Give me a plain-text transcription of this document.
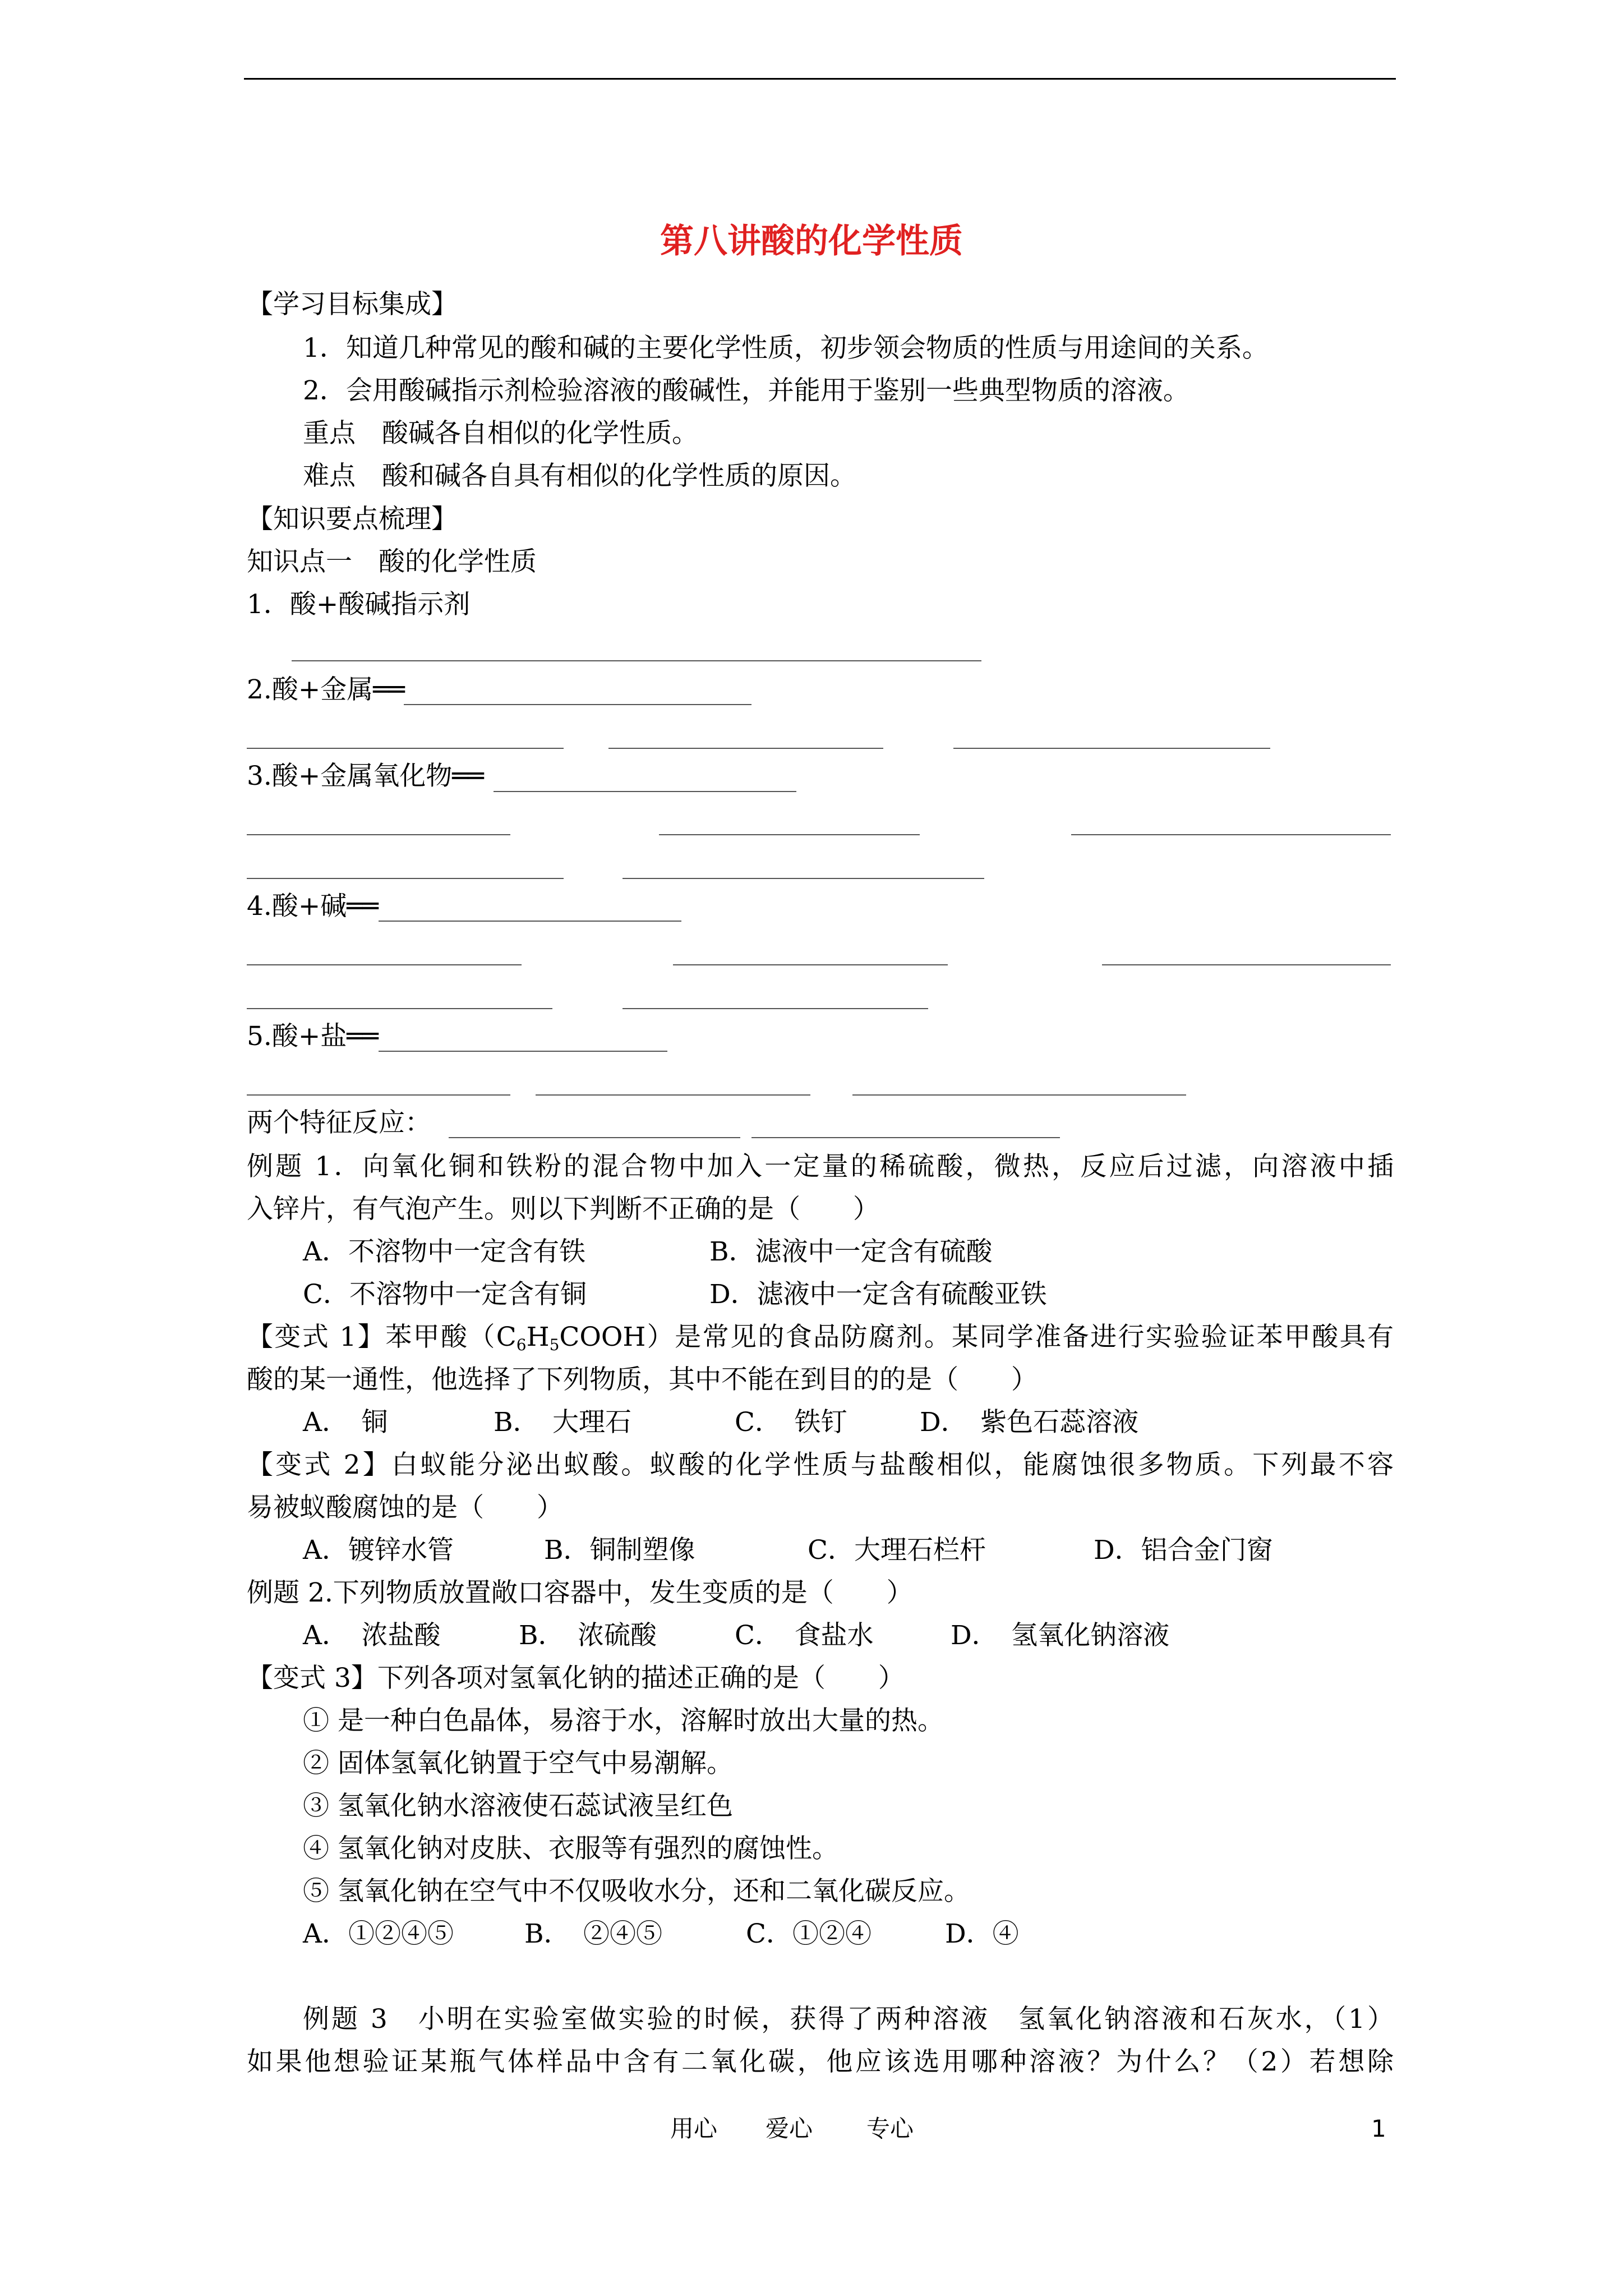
第八讲酸的化学性质
【学习目标集成】
1．知道几种常见的酸和碱的主要化学性质，初步领会物质的性质与用途间的关系。
2．会用酸碱指示剂检验溶液的酸碱性，并能用于鉴别一些典型物质的溶液。
重点　酸碱各自相似的化学性质。
难点　酸和碱各自具有相似的化学性质的原因。
【知识要点梳理】
知识点一　酸的化学性质
1．酸+酸碱指示剂
2.酸+金属══
3.酸+金属氧化物══
4.酸+碱══
5.酸+盐══
两个特征反应：
例题 1．向氧化铜和铁粉的混合物中加入一定量的稀硫酸，微热，反应后过滤，向溶液中插
入锌片，有气泡产生。则以下判断不正确的是（　　）
A．不溶物中一定含有铁	B．滤液中一定含有硫酸
C．不溶物中一定含有铜	D．滤液中一定含有硫酸亚铁
【变式 1】苯甲酸$(C_6H_5COOH)$是常见的食品防腐剂。某同学准备进行实验验证苯甲酸具有
酸的某一通性，他选择了下列物质，其中不能在到目的的是（　　）
A．　铜	B．　大理石	C．　铁钉	D．　紫色石蕊溶液
【变式 2】白蚁能分泌出蚁酸。蚁酸的化学性质与盐酸相似，能腐蚀很多物质。下列最不容
易被蚁酸腐蚀的是（　　）
A．镀锌水管	B．铜制塑像	C．大理石栏杆	D．铝合金门窗
例题 2.下列物质放置敞口容器中，发生变质的是（　　）
A．　浓盐酸	B．　浓硫酸	C．　食盐水	D．　氢氧化钠溶液
【变式 3】下列各项对氢氧化钠的描述正确的是（　　）
① 是一种白色晶体，易溶于水，溶解时放出大量的热。
② 固体氢氧化钠置于空气中易潮解。
③ 氢氧化钠水溶液使石蕊试液呈红色
④ 氢氧化钠对皮肤、衣服等有强烈的腐蚀性。
⑤ 氢氧化钠在空气中不仅吸收水分，还和二氧化碳反应。
A．①②④⑤	B．　②④⑤	C．①②④	D．④
例题 3　小明在实验室做实验的时候，获得了两种溶液　氢氧化钠溶液和石灰水，（1）
如果他想验证某瓶气体样品中含有二氧化碳，他应该选用哪种溶液？为什么？（2）若想除
用心 爱心 专心	1
